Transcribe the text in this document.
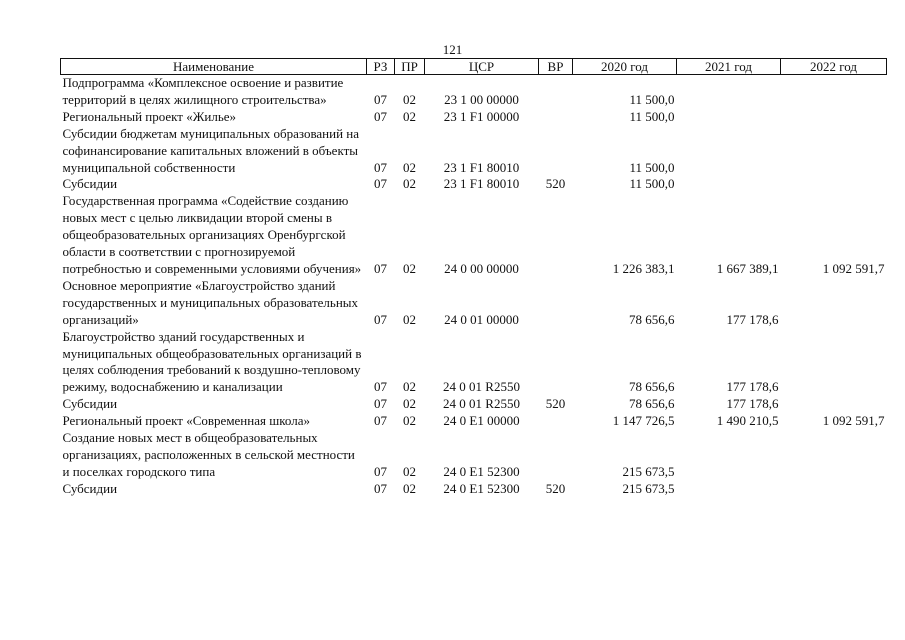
121
Наименование	РЗ	ПР	ЦСР	ВР	2020 год	2021 год	2022 год
Подпрограмма «Комплексное освоение и развитие территорий в целях жилищного строительства»	07	02	23 1 00 00000		11 500,0		
Региональный проект «Жилье»	07	02	23 1 F1 00000		11 500,0		
Субсидии бюджетам муниципальных образований на софинансирование капитальных вложений в объекты муниципальной собственности	07	02	23 1 F1 80010		11 500,0		
Субсидии	07	02	23 1 F1 80010	520	11 500,0		
Государственная программа «Содействие созданию новых мест с целью ликвидации второй смены в общеобразовательных организациях Оренбургской области в соответствии с прогнозируемой потребностью и современными условиями обучения»	07	02	24 0 00 00000		1 226 383,1	1 667 389,1	1 092 591,7
Основное мероприятие «Благоустройство зданий государственных и муниципальных образовательных организаций»	07	02	24 0 01 00000		78 656,6	177 178,6	
Благоустройство зданий государственных и муниципальных общеобразовательных организаций в целях соблюдения требований к воздушно-тепловому режиму, водоснабжению и канализации	07	02	24 0 01 R2550		78 656,6	177 178,6	
Субсидии	07	02	24 0 01 R2550	520	78 656,6	177 178,6	
Региональный проект «Современная школа»	07	02	24 0 E1 00000		1 147 726,5	1 490 210,5	1 092 591,7
Создание новых мест в общеобразовательных организациях, расположенных в сельской местности и поселках городского типа	07	02	24 0 E1 52300		215 673,5		
Субсидии	07	02	24 0 E1 52300	520	215 673,5		
